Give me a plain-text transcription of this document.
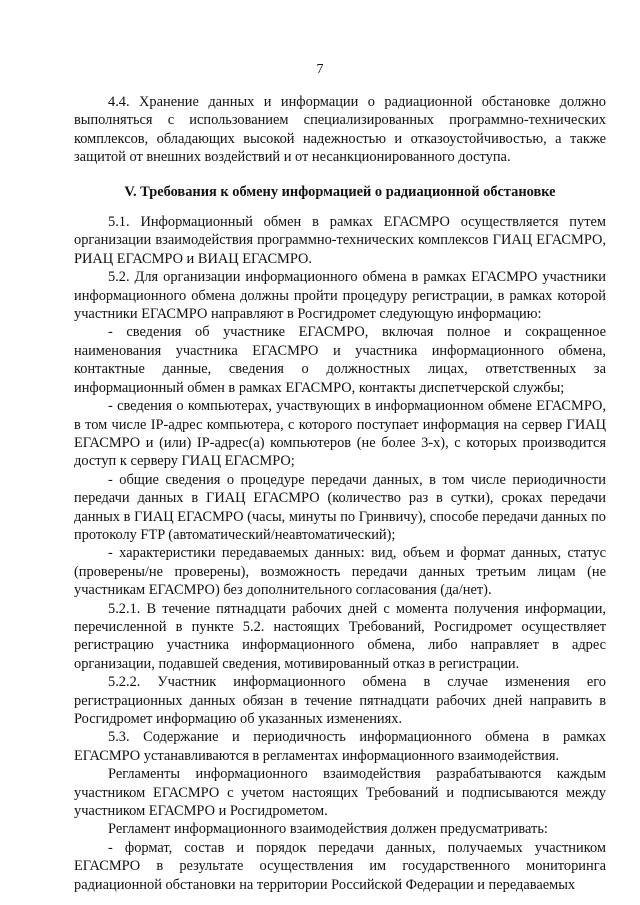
7

4.4. Хранение данных и информации о радиационной обстановке должно выполняться с использованием специализированных программно-технических комплексов, обладающих высокой надежностью и отказоустойчивостью, а также защитой от внешних воздействий и от несанкционированного доступа.

V. Требования к обмену информацией о радиационной обстановке

5.1. Информационный обмен в рамках ЕГАСМРО осуществляется путем организации взаимодействия программно-технических комплексов ГИАЦ ЕГАСМРО, РИАЦ ЕГАСМРО и ВИАЦ ЕГАСМРО.

5.2. Для организации информационного обмена в рамках ЕГАСМРО участники информационного обмена должны пройти процедуру регистрации, в рамках которой участники ЕГАСМРО направляют в Росгидромет следующую информацию:

- сведения об участнике ЕГАСМРО, включая полное и сокращенное наименования участника ЕГАСМРО и участника информационного обмена, контактные данные, сведения о должностных лицах, ответственных за информационный обмен в рамках ЕГАСМРО, контакты диспетчерской службы;

- сведения о компьютерах, участвующих в информационном обмене ЕГАСМРО, в том числе IP-адрес компьютера, с которого поступает информация на сервер ГИАЦ ЕГАСМРО и (или) IP-адрес(а) компьютеров (не более 3-х), с которых производится доступ к серверу ГИАЦ ЕГАСМРО;

- общие сведения о процедуре передачи данных, в том числе периодичности передачи данных в ГИАЦ ЕГАСМРО (количество раз в сутки), сроках передачи данных в ГИАЦ ЕГАСМРО (часы, минуты по Гринвичу), способе передачи данных по протоколу FTP (автоматический/неавтоматический);

- характеристики передаваемых данных: вид, объем и формат данных, статус (проверены/не проверены), возможность передачи данных третьим лицам (не участникам ЕГАСМРО) без дополнительного согласования (да/нет).

5.2.1. В течение пятнадцати рабочих дней с момента получения информации, перечисленной в пункте 5.2. настоящих Требований, Росгидромет осуществляет регистрацию участника информационного обмена, либо направляет в адрес организации, подавшей сведения, мотивированный отказ в регистрации.

5.2.2. Участник информационного обмена в случае изменения его регистрационных данных обязан в течение пятнадцати рабочих дней направить в Росгидромет информацию об указанных изменениях.

5.3. Содержание и периодичность информационного обмена в рамках ЕГАСМРО устанавливаются в регламентах информационного взаимодействия.

Регламенты информационного взаимодействия разрабатываются каждым участником ЕГАСМРО с учетом настоящих Требований и подписываются между участником ЕГАСМРО и Росгидрометом.

Регламент информационного взаимодействия должен предусматривать:

- формат, состав и порядок передачи данных, получаемых участником ЕГАСМРО в результате осуществления им государственного мониторинга радиационной обстановки на территории Российской Федерации и передаваемых
